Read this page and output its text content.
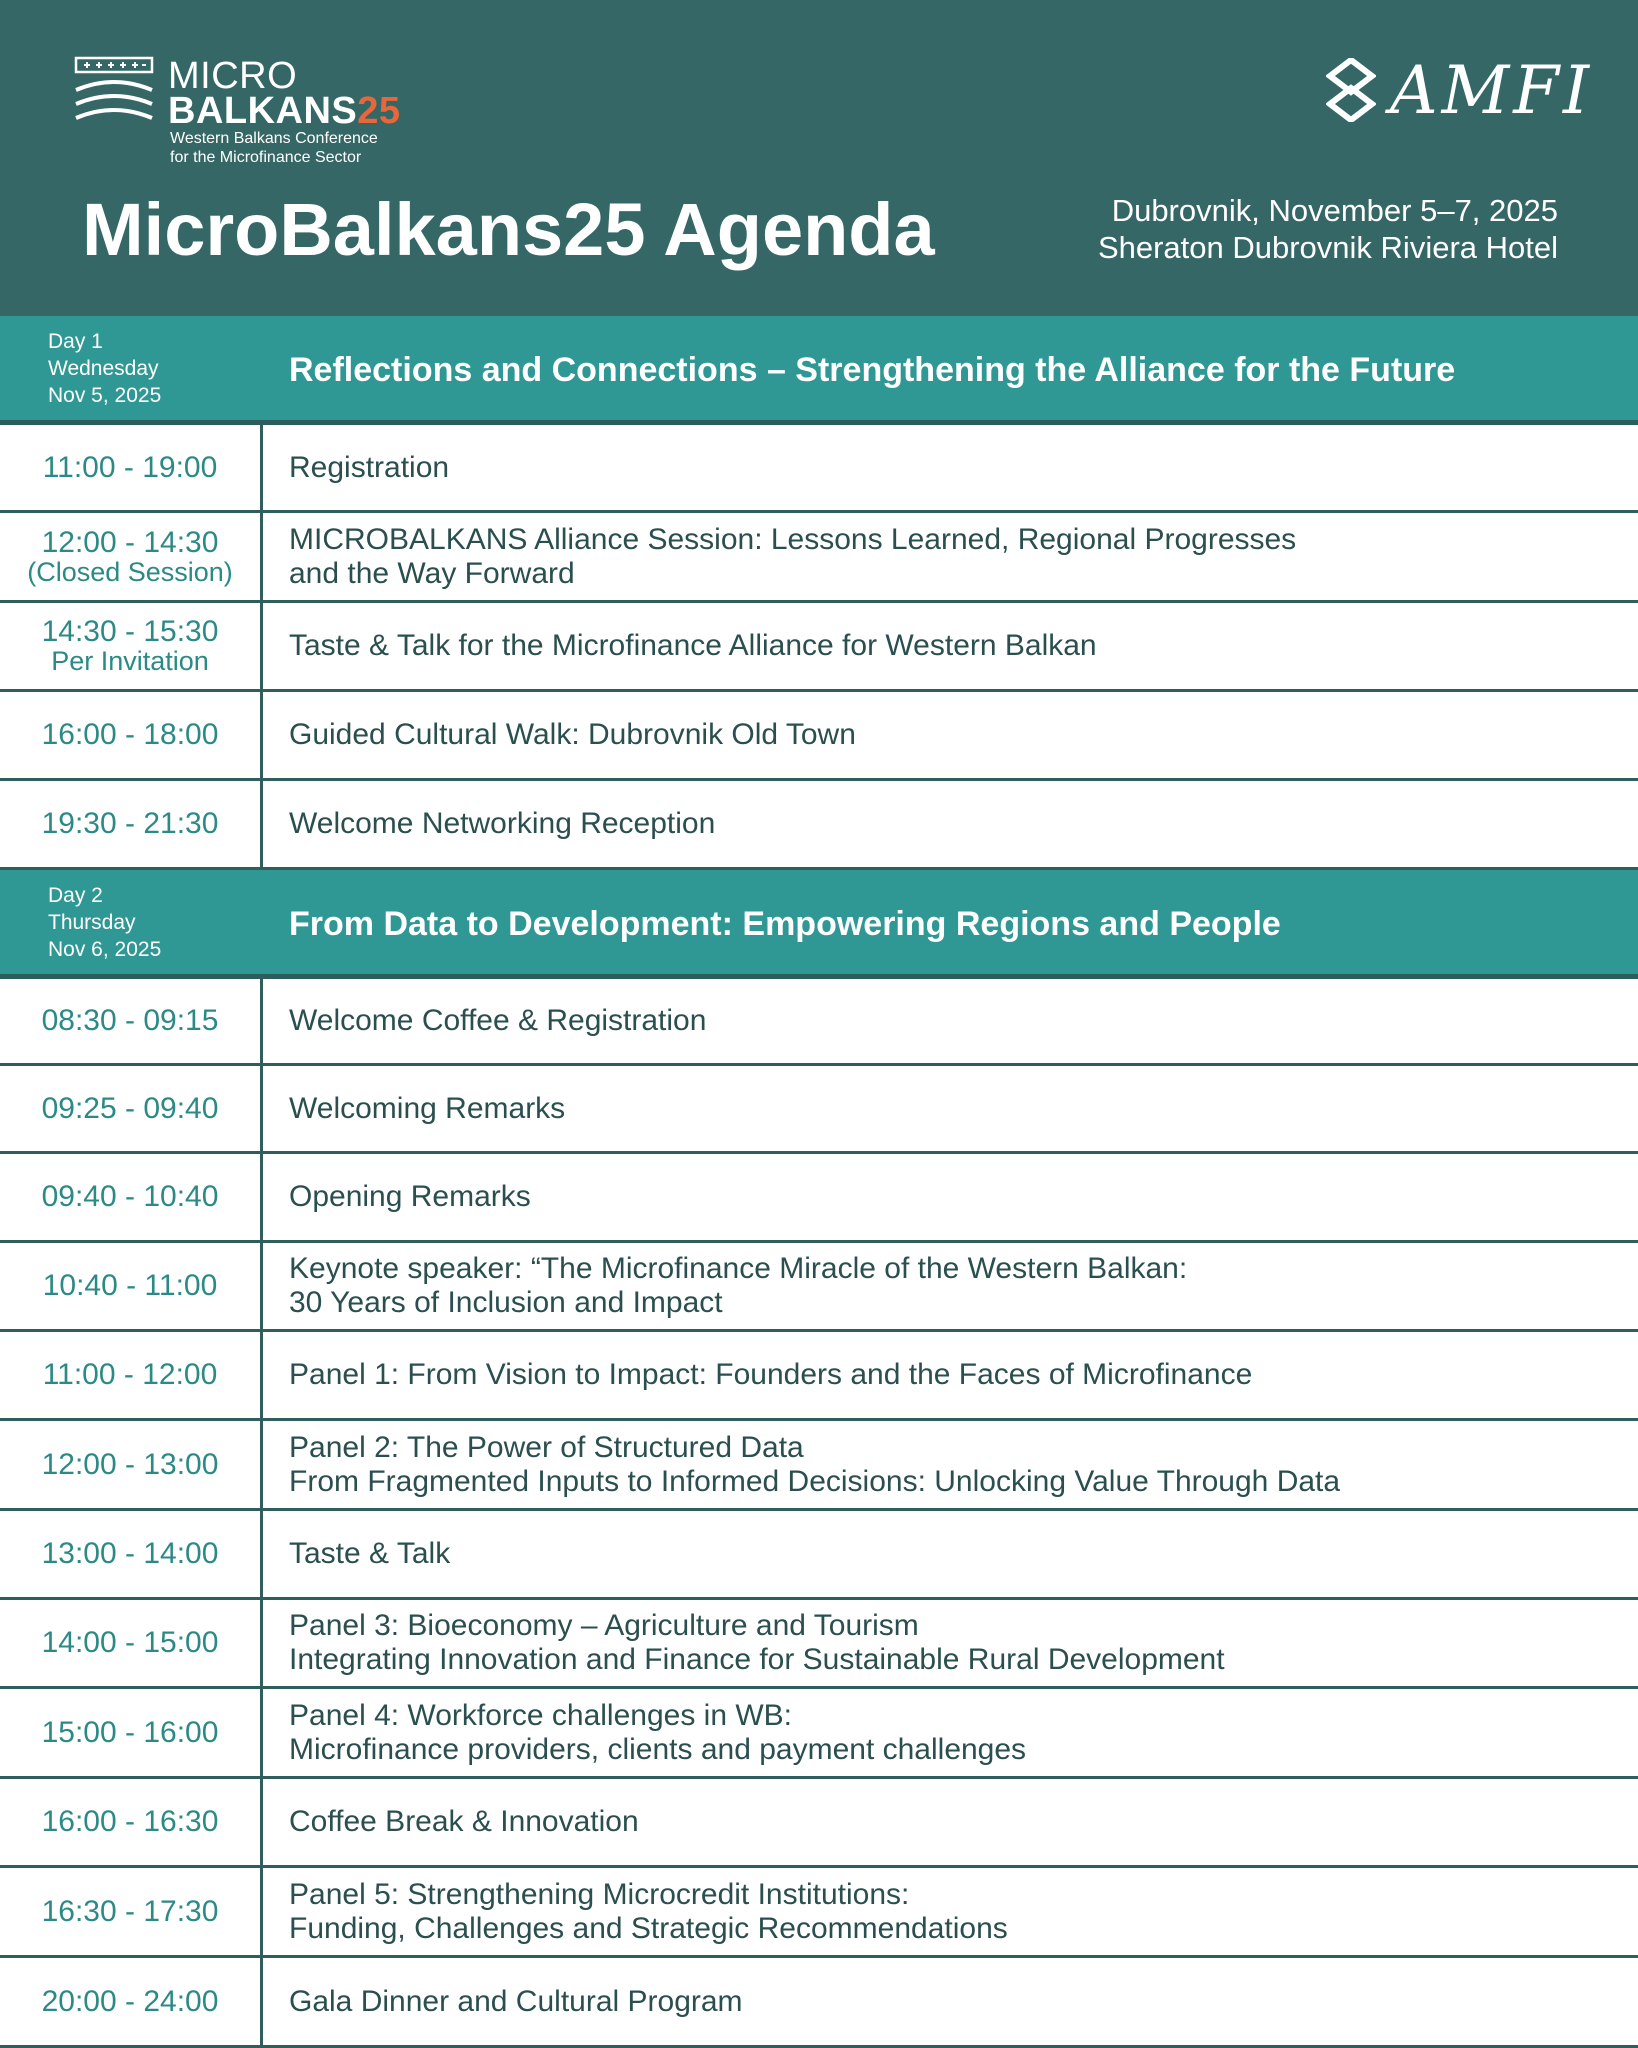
MICRO
BALKANS25
Western Balkans Conference
for the Microfinance Sector
AMFI
MicroBalkans25 Agenda	Dubrovnik, November 5–7, 2025
Sheraton Dubrovnik Riviera Hotel
Day 1
Wednesday
Nov 5, 2025
Reflections and Connections – Strengthening the Alliance for the Future
11:00 - 19:00 Registration
12:00 - 14:30
(Closed Session)
MICROBALKANS Alliance Session: Lessons Learned, Regional Progresses
and the Way Forward
14:30 - 15:30
Per Invitation	Taste & Talk for the Microfinance Alliance for Western Balkan
16:00 - 18:00 Guided Cultural Walk: Dubrovnik Old Town
19:30 - 21:30 Welcome Networking Reception
Day 2
Thursday
Nov 6, 2025
From Data to Development: Empowering Regions and People
08:30 - 09:15 Welcome Coffee & Registration
09:25 - 09:40 Welcoming Remarks
09:40 - 10:40 Opening Remarks
10:40 - 11:00
Keynote speaker: “The Microfinance Miracle of the Western Balkan:
30 Years of Inclusion and Impact
11:00 - 12:00 Panel 1: From Vision to Impact: Founders and the Faces of Microfinance
12:00 - 13:00
Panel 2: The Power of Structured Data
From Fragmented Inputs to Informed Decisions: Unlocking Value Through Data
13:00 - 14:00 Taste & Talk
14:00 - 15:00
Panel 3: Bioeconomy – Agriculture and Tourism
Integrating Innovation and Finance for Sustainable Rural Development
15:00 - 16:00
Panel 4: Workforce challenges in WB:
Microfinance providers, clients and payment challenges
16:00 - 16:30 Coffee Break & Innovation
16:30 - 17:30
Panel 5: Strengthening Microcredit Institutions:
Funding, Challenges and Strategic Recommendations
20:00 - 24:00 Gala Dinner and Cultural Program
